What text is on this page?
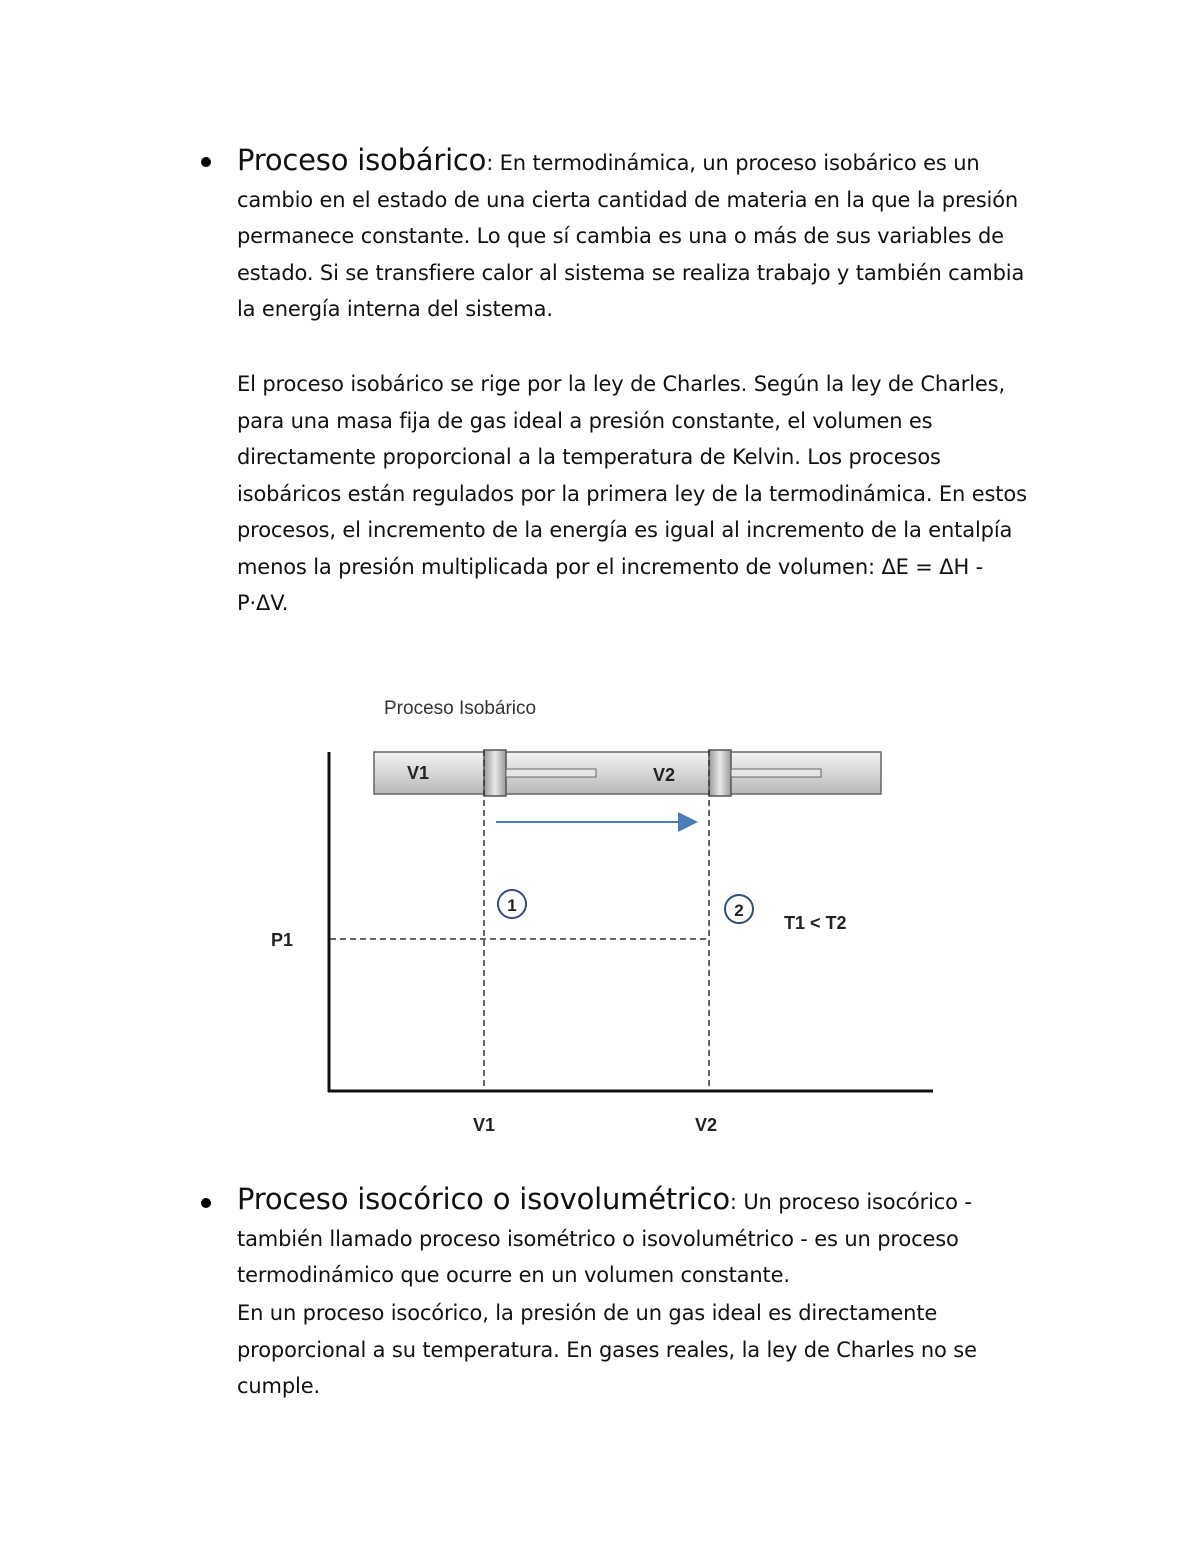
Proceso isobárico: En termodinámica, un proceso isobárico es un cambio en el estado de una cierta cantidad de materia en la que la presión permanece constante. Lo que sí cambia es una o más de sus variables de estado. Si se transfiere calor al sistema se realiza trabajo y también cambia la energía interna del sistema.

El proceso isobárico se rige por la ley de Charles. Según la ley de Charles, para una masa fija de gas ideal a presión constante, el volumen es directamente proporcional a la temperatura de Kelvin. Los procesos isobáricos están regulados por la primera ley de la termodinámica. En estos procesos, el incremento de la energía es igual al incremento de la entalpía menos la presión multiplicada por el incremento de volumen: ΔE = ΔH - P·ΔV.

Proceso Isobárico
V1	V2
1	2
T1 < T2
P1
V1	V2

Proceso isocórico o isovolumétrico: Un proceso isocórico - también llamado proceso isométrico o isovolumétrico - es un proceso termodinámico que ocurre en un volumen constante.

En un proceso isocórico, la presión de un gas ideal es directamente proporcional a su temperatura. En gases reales, la ley de Charles no se cumple.
